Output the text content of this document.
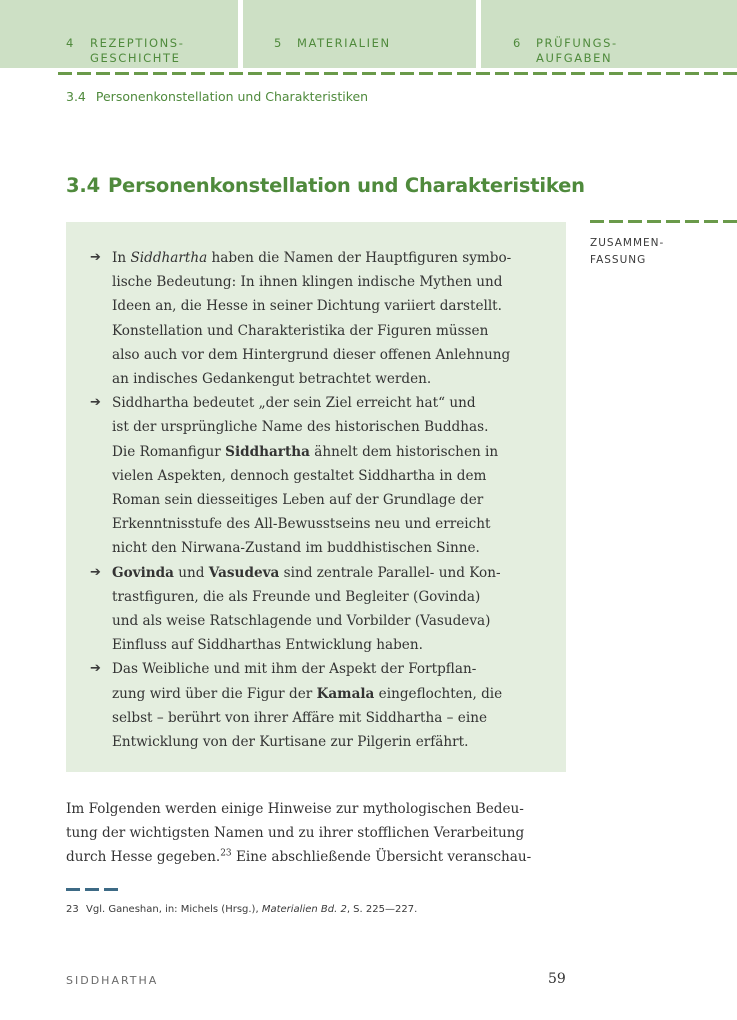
4 REZEPTIONS-
GESCHICHTE
5 MATERIALIEN	6 PRÜFUNGS-
AUFGABEN
3.4 Personenkonstellation und Charakteristiken
3.4 Personenkonstellation und Charakteristiken
ZUSAMMEN-
FASSUNG
➔ In Siddhartha haben die Namen der Hauptfiguren symbo-
lische Bedeutung: In ihnen klingen indische Mythen und
Ideen an, die Hesse in seiner Dichtung variiert darstellt.
Konstellation und Charakteristika der Figuren müssen
also auch vor dem Hintergrund dieser offenen Anlehnung
an indisches Gedankengut betrachtet werden.
➔ Siddhartha bedeutet „der sein Ziel erreicht hat“ und
ist der ursprüngliche Name des historischen Buddhas.
Die Romanfigur Siddhartha ähnelt dem historischen in
vielen Aspekten, dennoch gestaltet Siddhartha in dem
Roman sein diesseitiges Leben auf der Grundlage der
Erkenntnisstufe des All-Bewusstseins neu und erreicht
nicht den Nirwana-Zustand im buddhistischen Sinne.
➔ Govinda und Vasudeva sind zentrale Parallel- und Kon-
trastfiguren, die als Freunde und Begleiter (Govinda)
und als weise Ratschlagende und Vorbilder (Vasudeva)
Einfluss auf Siddharthas Entwicklung haben.
➔ Das Weibliche und mit ihm der Aspekt der Fortpflan-
zung wird über die Figur der Kamala eingeflochten, die
selbst – berührt von ihrer Affäre mit Siddhartha – eine
Entwicklung von der Kurtisane zur Pilgerin erfährt.
Im Folgenden werden einige Hinweise zur mythologischen Bedeu-
tung der wichtigsten Namen und zu ihrer stofflichen Verarbeitung
durch Hesse gegeben.$^{23}$ Eine abschließende Übersicht veranschau-
23 Vgl. Ganeshan, in: Michels (Hrsg.), Materialien Bd. 2, S. 225—227.
SIDDHARTHA	59
